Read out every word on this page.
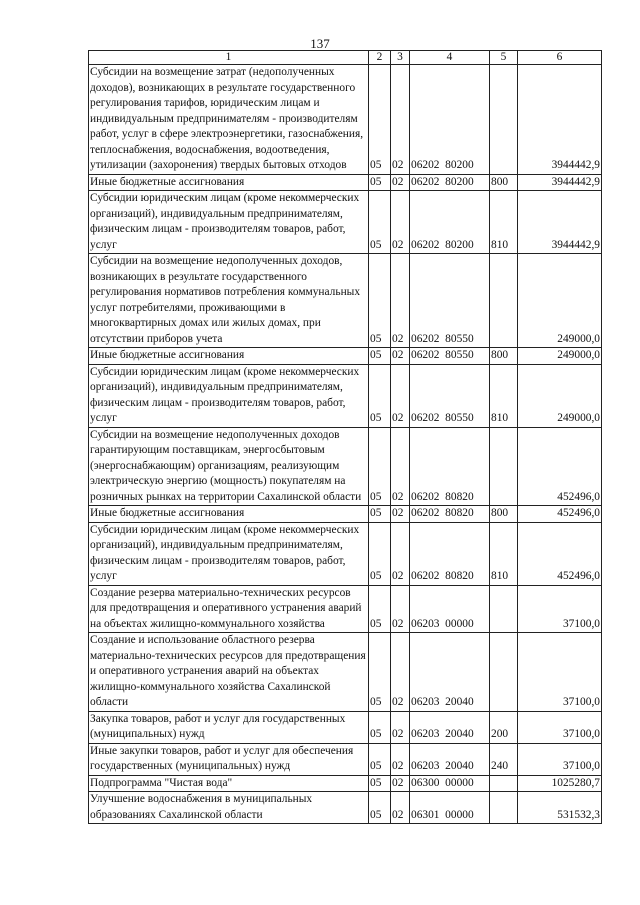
137
1	2	3	4	5	6
Субсидии на возмещение затрат (недополученных доходов), возникающих в результате государственного регулирования тарифов, юридическим лицам и индивидуальным предпринимателям - производителям работ, услуг в сфере электроэнергетики, газоснабжения, теплоснабжения, водоснабжения, водоотведения, утилизации (захоронения) твердых бытовых отходов	05	02	06202  80200		3944442,9
Иные бюджетные ассигнования	05	02	06202  80200	800	3944442,9
Субсидии юридическим лицам (кроме некоммерческих организаций), индивидуальным предпринимателям, физическим лицам - производителям товаров, работ, услуг	05	02	06202  80200	810	3944442,9
Субсидии на возмещение недополученных доходов, возникающих в результате государственного регулирования нормативов потребления коммунальных услуг потребителями, проживающими в многоквартирных домах или жилых домах, при отсутствии приборов учета	05	02	06202  80550		249000,0
Иные бюджетные ассигнования	05	02	06202  80550	800	249000,0
Субсидии юридическим лицам (кроме некоммерческих организаций), индивидуальным предпринимателям, физическим лицам - производителям товаров, работ, услуг	05	02	06202  80550	810	249000,0
Субсидии на возмещение недополученных доходов гарантирующим поставщикам, энергосбытовым (энергоснабжающим) организациям, реализующим электрическую энергию (мощность) покупателям на розничных рынках на территории Сахалинской области	05	02	06202  80820		452496,0
Иные бюджетные ассигнования	05	02	06202  80820	800	452496,0
Субсидии юридическим лицам (кроме некоммерческих организаций), индивидуальным предпринимателям, физическим лицам - производителям товаров, работ, услуг	05	02	06202  80820	810	452496,0
Создание резерва материально-технических ресурсов для предотвращения и оперативного устранения аварий на объектах жилищно-коммунального хозяйства	05	02	06203  00000		37100,0
Создание и использование областного резерва материально-технических ресурсов для предотвращения и оперативного устранения аварий на объектах жилищно-коммунального хозяйства Сахалинской области	05	02	06203  20040		37100,0
Закупка товаров, работ и услуг для государственных (муниципальных) нужд	05	02	06203  20040	200	37100,0
Иные закупки товаров, работ и услуг для обеспечения государственных (муниципальных) нужд	05	02	06203  20040	240	37100,0
Подпрограмма "Чистая вода"	05	02	06300  00000		1025280,7
Улучшение водоснабжения в муниципальных образованиях Сахалинской области	05	02	06301  00000		531532,3
